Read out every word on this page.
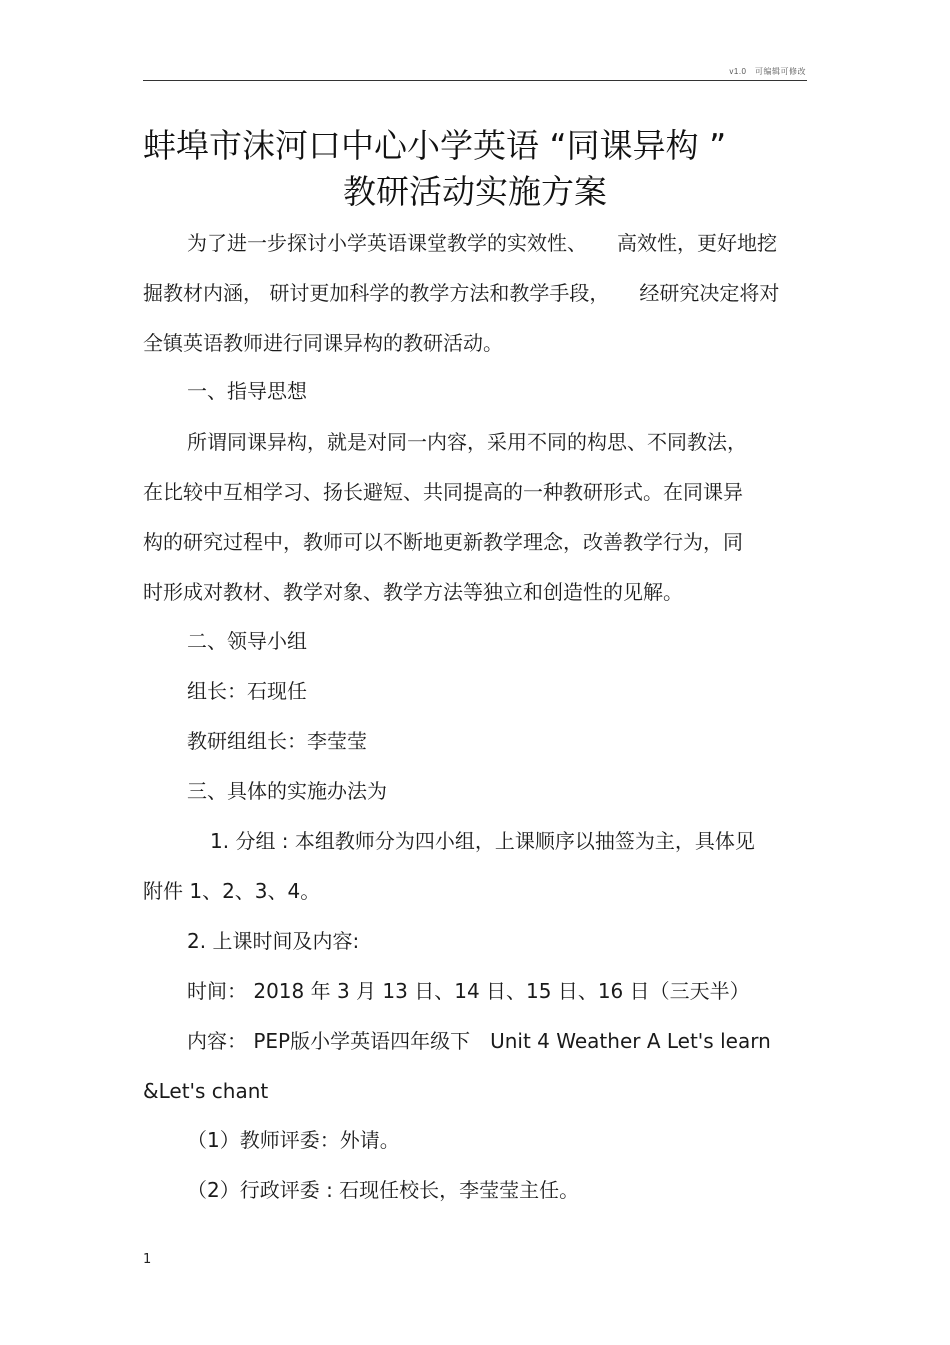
v1.0　可编辑可修改
蚌埠市沫河口中心小学英语 “同课异构 ”
教研活动实施方案
为了进一步探讨小学英语课堂教学的实效性、　　高效性，更好地挖
掘教材内涵， 研讨更加科学的教学方法和教学手段，　　经研究决定将对
全镇英语教师进行同课异构的教研活动。
一、指导思想
所谓同课异构，就是对同一内容，采用不同的构思、不同教法，
在比较中互相学习、扬长避短、共同提高的一种教研形式。在同课异
构的研究过程中，教师可以不断地更新教学理念，改善教学行为，同
时形成对教材、教学对象、教学方法等独立和创造性的见解。
二、领导小组
组长：石现任
教研组组长：李莹莹
三、具体的实施办法为
1. 分组 : 本组教师分为四小组，上课顺序以抽签为主，具体见
附件 1、2、3、4。
2. 上课时间及内容:
时间： 2018 年 3 月 13 日、14 日、15 日、16 日（三天半）
内容： PEP版小学英语四年级下　Unit 4 Weather A Let's learn
&Let's chant
（1）教师评委：外请。
（2）行政评委 : 石现任校长，李莹莹主任。
1
